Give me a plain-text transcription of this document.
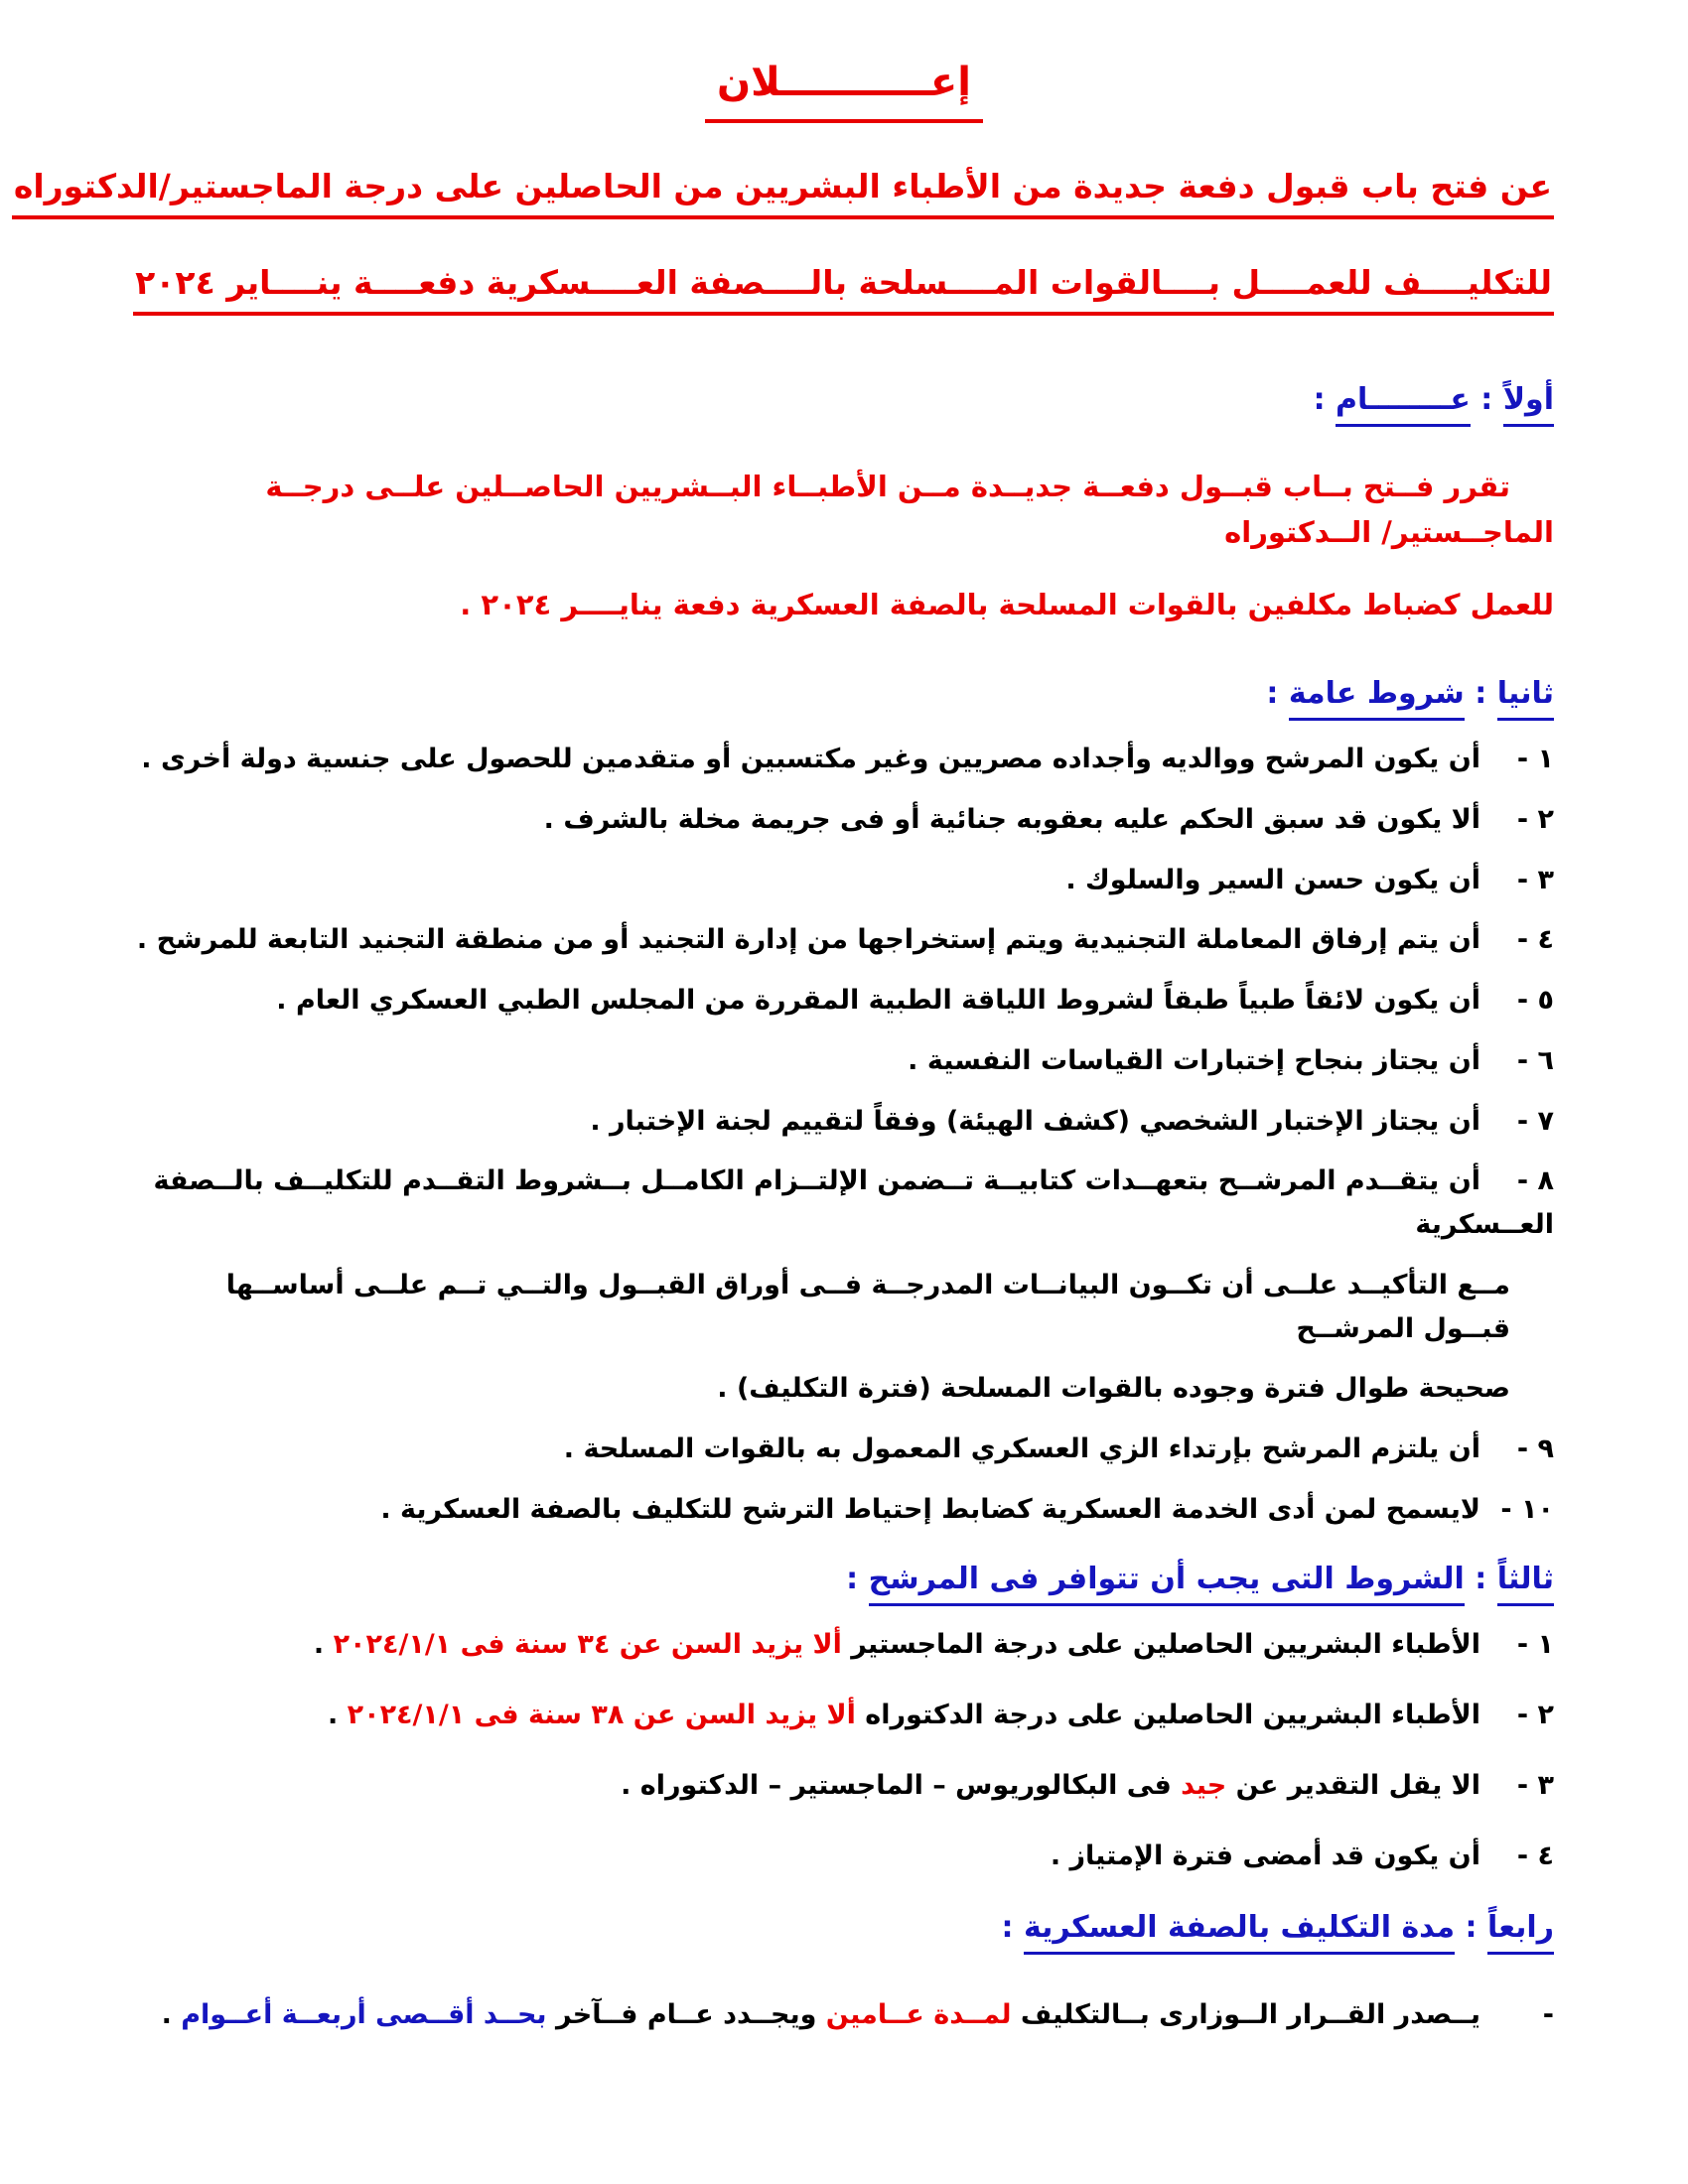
إعـــــــــــلان
عن فتح باب قبول دفعة جديدة من الأطباء البشريين من الحاصلين على درجة الماجستير/الدكتوراه
للتكليــــف للعمــــل بــــالقوات المــــسلحة بالــــصفة العــــسكرية دفعــــة ينــــاير ٢٠٢٤
أولاً : عــــــــام :
تقرر فــتح بــاب قبــول دفعــة جديــدة مــن الأطبــاء البــشريين الحاصــلين علــى درجــة الماجــستير/ الــدكتوراه
للعمل كضباط مكلفين بالقوات المسلحة بالصفة العسكرية دفعة ينايــــر ٢٠٢٤ .
ثانيا : شروط عامة :
١ -أن يكون المرشح ووالديه وأجداده مصريين وغير مكتسبين أو متقدمين للحصول على جنسية دولة أخرى .
٢ -ألا يكون قد سبق الحكم عليه بعقوبه جنائية أو فى جريمة مخلة بالشرف .
٣ -أن يكون حسن السير والسلوك .
٤ -أن يتم إرفاق المعاملة التجنيدية ويتم إستخراجها من إدارة التجنيد أو من منطقة التجنيد التابعة للمرشح .
٥ -أن يكون لائقاً طبياً طبقاً لشروط اللياقة الطبية المقررة من المجلس الطبي العسكري العام .
٦ -أن يجتاز بنجاح إختبارات القياسات النفسية .
٧ -أن يجتاز الإختبار الشخصي (كشف الهيئة) وفقاً لتقييم لجنة الإختبار .
٨ -أن يتقــدم المرشــح بتعهــدات كتابيــة تــضمن الإلتــزام الكامــل بــشروط التقــدم للتكليــف بالــصفة العــسكرية
مــع التأكيــد علــى أن تكــون البيانــات المدرجــة فــى أوراق القبــول والتــي تــم علــى أساســها قبــول المرشــح
صحيحة طوال فترة وجوده بالقوات المسلحة (فترة التكليف) .
٩ -أن يلتزم المرشح بإرتداء الزي العسكري المعمول به بالقوات المسلحة .
١٠ -لايسمح لمن أدى الخدمة العسكرية كضابط إحتياط الترشح للتكليف بالصفة العسكرية .
ثالثاً : الشروط التى يجب أن تتوافر فى المرشح :
١ -الأطباء البشريين الحاصلين على درجة الماجستير ألا يزيد السن عن ٣٤ سنة فى ٢٠٢٤/١/١ .
٢ -الأطباء البشريين الحاصلين على درجة الدكتوراه ألا يزيد السن عن ٣٨ سنة فى ٢٠٢٤/١/١ .
٣ -الا يقل التقدير عن جيد فى البكالوريوس – الماجستير – الدكتوراه .
٤ -أن يكون قد أمضى فترة الإمتياز .
رابعاً : مدة التكليف بالصفة العسكرية :
-يــصدر القــرار الــوزارى بــالتكليف لمــدة عــامين ويجــدد عــام فــآخر بحــد أقــصى أربعــة أعــوام .
